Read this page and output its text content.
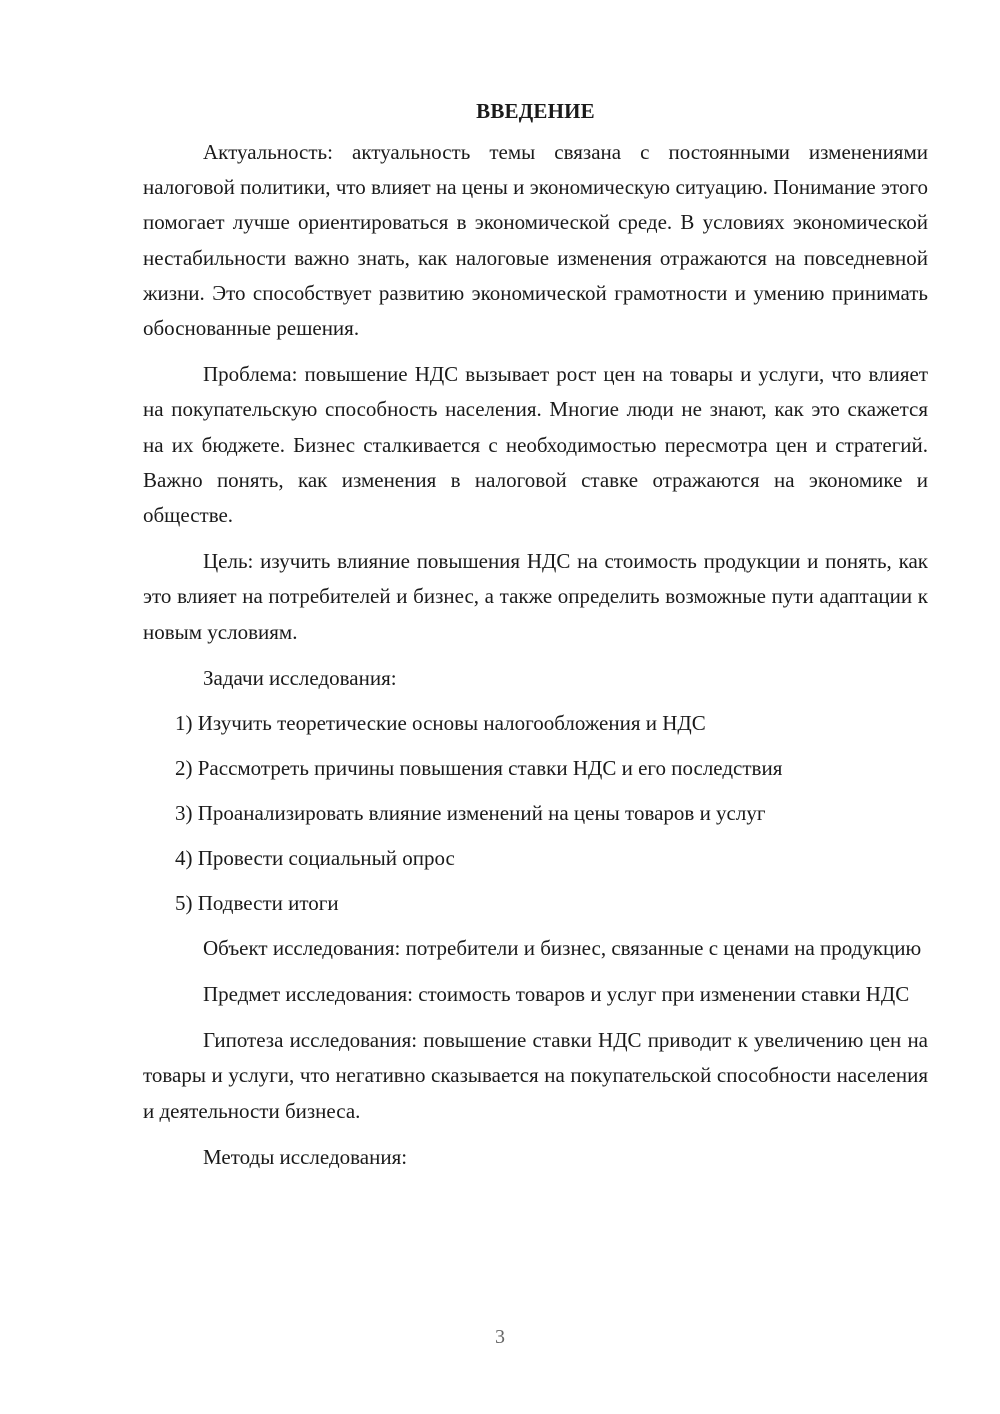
ВВЕДЕНИЕ

Актуальность: актуальность темы связана с постоянными изменениями налоговой политики, что влияет на цены и экономическую ситуацию. Понимание этого помогает лучше ориентироваться в экономической среде. В условиях экономической нестабильности важно знать, как налоговые изменения отражаются на повседневной жизни. Это способствует развитию экономической грамотности и умению принимать обоснованные решения.

Проблема: повышение НДС вызывает рост цен на товары и услуги, что влияет на покупательскую способность населения. Многие люди не знают, как это скажется на их бюджете. Бизнес сталкивается с необходимостью пересмотра цен и стратегий. Важно понять, как изменения в налоговой ставке отражаются на экономике и обществе.

Цель: изучить влияние повышения НДС на стоимость продукции и понять, как это влияет на потребителей и бизнес, а также определить возможные пути адаптации к новым условиям.

Задачи исследования:

1) Изучить теоретические основы налогообложения и НДС
2) Рассмотреть причины повышения ставки НДС и его последствия
3) Проанализировать влияние изменений на цены товаров и услуг
4) Провести социальный опрос
5) Подвести итоги

Объект исследования: потребители и бизнес, связанные с ценами на продукцию

Предмет исследования: стоимость товаров и услуг при изменении ставки НДС

Гипотеза исследования: повышение ставки НДС приводит к увеличению цен на товары и услуги, что негативно сказывается на покупательской способности населения и деятельности бизнеса.

Методы исследования:

3
